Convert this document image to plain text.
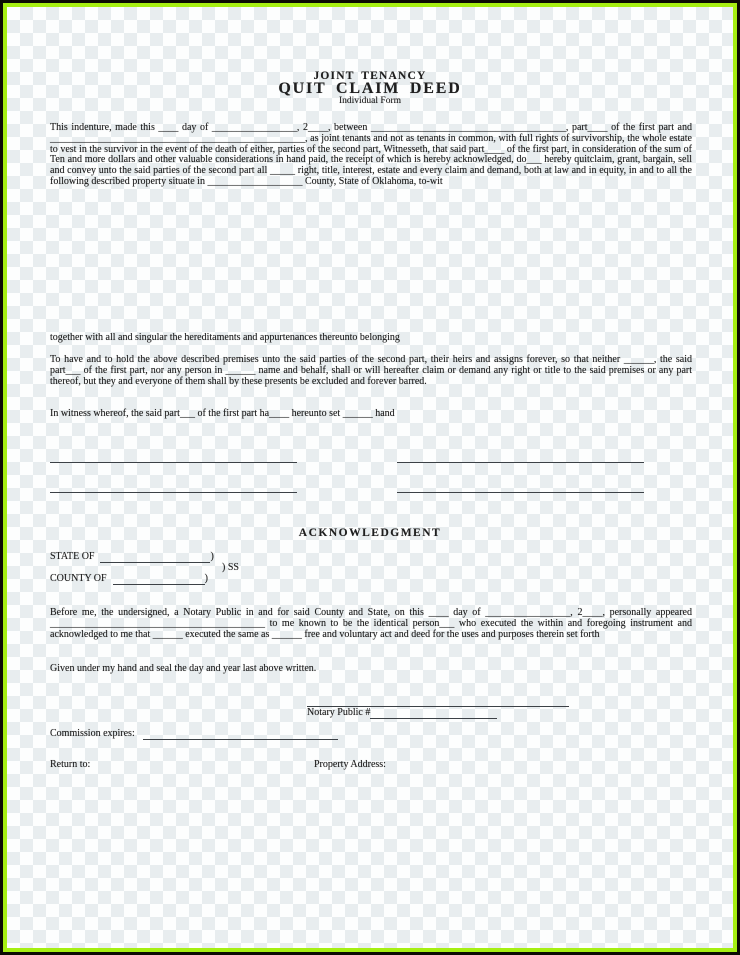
JOINT TENANCY
QUIT CLAIM DEED
Individual Form
This indenture, made this ____ day of _________________, 2____, between _______________________________________, part____ of the first part and ___________________________________________________, as joint tenants and not as tenants in common, with full rights of survivorship, the whole estate to vest in the survivor in the event of the death of either, parties of the second part, Witnesseth, that said part____ of the first part, in consideration of the sum of Ten and more dollars and other valuable considerations in hand paid, the receipt of which is hereby acknowledged, do___ hereby quitclaim, grant, bargain, sell and convey unto the said parties of the second part all _____ right, title, interest, estate and every claim and demand, both at law and in equity, in and to all the following described property situate in ___________________ County, State of Oklahoma, to-wit
together with all and singular the hereditaments and appurtenances thereunto belonging
To have and to hold the above described premises unto the said parties of the second part, their heirs and assigns forever, so that neither ______, the said part___ of the first part, nor any person in ______ name and behalf, shall or will hereafter claim or demand any right or title to the said premises or any part thereof, but they and everyone of them shall by these presents be excluded and forever barred.
In witness whereof, the said part___ of the first part ha____ hereunto set ______ hand
ACKNOWLEDGMENT
STATE OF	)
) SS
COUNTY OF	)
Before me, the undersigned, a Notary Public in and for said County and State, on this ____ day of _________________, 2____, personally appeared ___________________________________________ to me known to be the identical person___ who executed the within and foregoing instrument and acknowledged to me that ______ executed the same as ______ free and voluntary act and deed for the uses and purposes therein set forth
Given under my hand and seal the day and year last above written.
Notary Public #
Commission expires:
Return to:	Property Address:
